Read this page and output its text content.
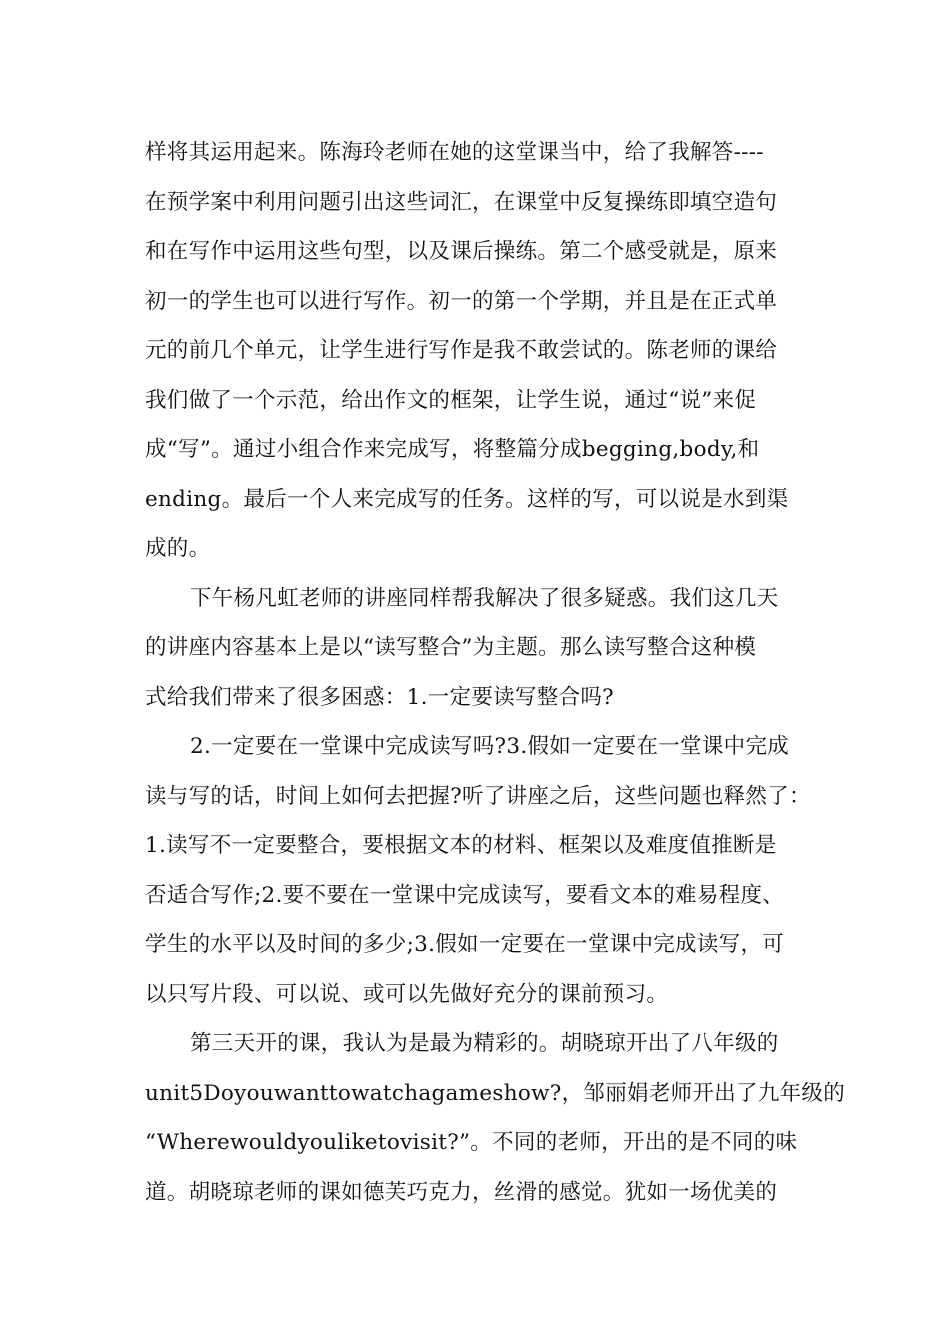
样将其运用起来。陈海玲老师在她的这堂课当中，给了我解答----
在预学案中利用问题引出这些词汇，在课堂中反复操练即填空造句
和在写作中运用这些句型，以及课后操练。第二个感受就是，原来
初一的学生也可以进行写作。初一的第一个学期，并且是在正式单
元的前几个单元，让学生进行写作是我不敢尝试的。陈老师的课给
我们做了一个示范，给出作文的框架，让学生说，通过“说”来促
成“写”。通过小组合作来完成写，将整篇分成begging,body,和
ending。最后一个人来完成写的任务。这样的写，可以说是水到渠
成的。
下午杨凡虹老师的讲座同样帮我解决了很多疑惑。我们这几天
的讲座内容基本上是以“读写整合”为主题。那么读写整合这种模
式给我们带来了很多困惑：1.一定要读写整合吗?
2.一定要在一堂课中完成读写吗?3.假如一定要在一堂课中完成
读与写的话，时间上如何去把握?听了讲座之后，这些问题也释然了：
1.读写不一定要整合，要根据文本的材料、框架以及难度值推断是
否适合写作;2.要不要在一堂课中完成读写，要看文本的难易程度、
学生的水平以及时间的多少;3.假如一定要在一堂课中完成读写，可
以只写片段、可以说、或可以先做好充分的课前预习。
第三天开的课，我认为是最为精彩的。胡晓琼开出了八年级的
unit5Doyouwanttowatchagameshow?，邹丽娟老师开出了九年级的
“Wherewouldyouliketovisit?”。不同的老师，开出的是不同的味
道。胡晓琼老师的课如德芙巧克力，丝滑的感觉。犹如一场优美的
